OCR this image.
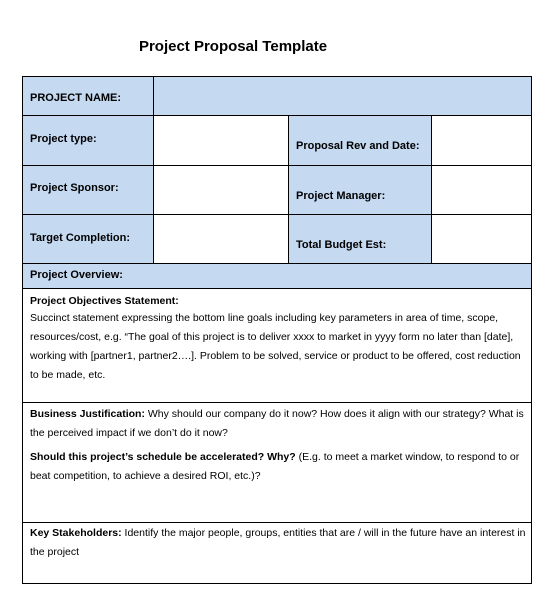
Project Proposal Template
PROJECT NAME:
Project type:
Proposal Rev and Date:
Project Sponsor:
Project Manager:
Target Completion:
Total Budget Est:
Project Overview:

Project Objectives Statement:

Succinct statement expressing the bottom line goals including key parameters in area of time, scope, resources/cost, e.g. “The goal of this project is to deliver xxxx to market in yyyy form no later than [date], working with [partner1, partner2….]. Problem to be solved, service or product to be offered, cost reduction to be made, etc.

Business Justification: Why should our company do it now? How does it align with our strategy? What is the perceived impact if we don’t do it now?

Should this project’s schedule be accelerated? Why? (E.g. to meet a market window, to respond to or beat competition, to achieve a desired ROI, etc.)?

Key Stakeholders: Identify the major people, groups, entities that are / will in the future have an interest in the project
